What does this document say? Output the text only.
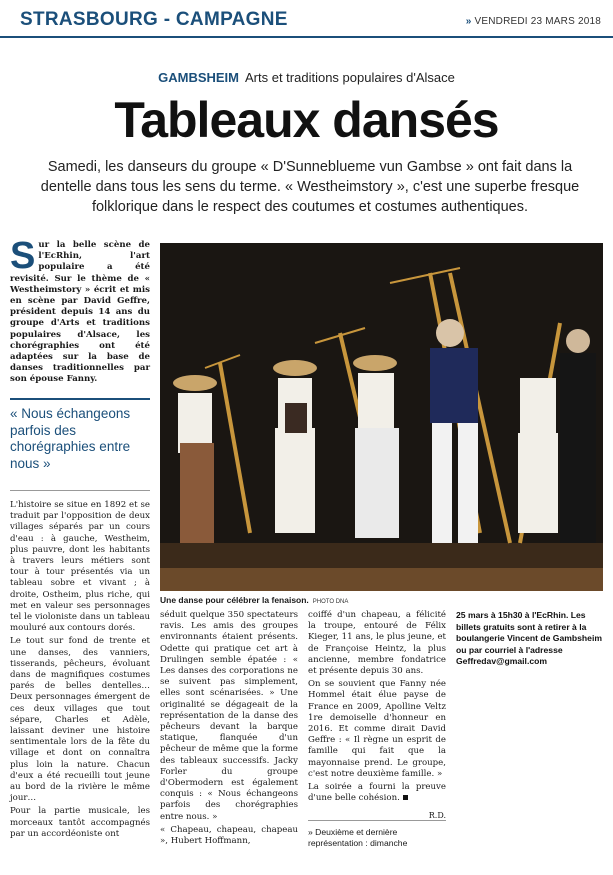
STRASBOURG - CAMPAGNE	» VENDREDI 23 MARS 2018
GAMBSHEIM Arts et traditions populaires d'Alsace
Tableaux dansés

Samedi, les danseurs du groupe « D'Sunneblueme vun Gambse » ont fait dans la dentelle dans tous les sens du terme. « Westheimstory », c'est une superbe fresque folklorique dans le respect des coutumes et costumes authentiques.

Sur la belle scène de l'EcRhin, l'art populaire a été revisité. Sur le thème de « Westheimstory » écrit et mis en scène par David Geffre, président depuis 14 ans du groupe d'Arts et traditions populaires d'Alsace, les chorégraphies ont été adaptées sur la base de danses traditionnelles par son épouse Fanny.
« Nous échangeons parfois des chorégraphies entre nous »

L'histoire se situe en 1892 et se traduit par l'opposition de deux villages séparés par un cours d'eau : à gauche, Westheim, plus pauvre, dont les habitants à travers leurs métiers sont tour à tour présentés via un tableau sobre et vivant ; à droite, Ostheim, plus riche, qui met en valeur ses personnages tel le violoniste dans un tableau mouluré aux contours dorés.

Le tout sur fond de trente et une danses, des vanniers, tisserands, pêcheurs, évoluant dans de magnifiques costumes parés de belles dentelles… Deux personnages émergent de ces deux villages que tout sépare, Charles et Adèle, laissant deviner une histoire sentimentale lors de la fête du village et dont on connaîtra plus loin la nature. Chacun d'eux a été recueilli tout jeune au bord de la rivière le même jour…

Pour la partie musicale, les morceaux tantôt accompagnés par un accordéoniste ont

Une danse pour célébrer la fenaison. PHOTO DNA

séduit quelque 350 spectateurs ravis. Les amis des groupes environnants étaient présents. Odette qui pratique cet art à Drulingen semble épatée : « Les danses des corporations ne se suivent pas simplement, elles sont scénarisées. » Une originalité se dégageait de la représentation de la danse des pêcheurs devant la barque statique, flanquée d'un pêcheur de même que la forme des tableaux successifs. Jacky Forler du groupe d'Obermodern est également conquis : « Nous échangeons parfois des chorégraphies entre nous. »

« Chapeau, chapeau, chapeau », Hubert Hoffmann,

coiffé d'un chapeau, a félicité la troupe, entouré de Félix Kieger, 11 ans, le plus jeune, et de Françoise Heintz, la plus ancienne, membre fondatrice et présente depuis 30 ans.

On se souvient que Fanny née Hommel était élue payse de France en 2009, Apolline Veltz 1re demoiselle d'honneur en 2016. Et comme dirait David Geffre : « Il règne un esprit de famille qui fait que la mayonnaise prend. Le groupe, c'est notre deuxième famille. »

La soirée a fourni la preuve d'une belle cohésion.

R.D.
» Deuxième et dernière représentation : dimanche

25 mars à 15h30 à l'EcRhin. Les billets gratuits sont à retirer à la boulangerie Vincent de Gambsheim ou par courriel à l'adresse Geffredav@gmail.com
